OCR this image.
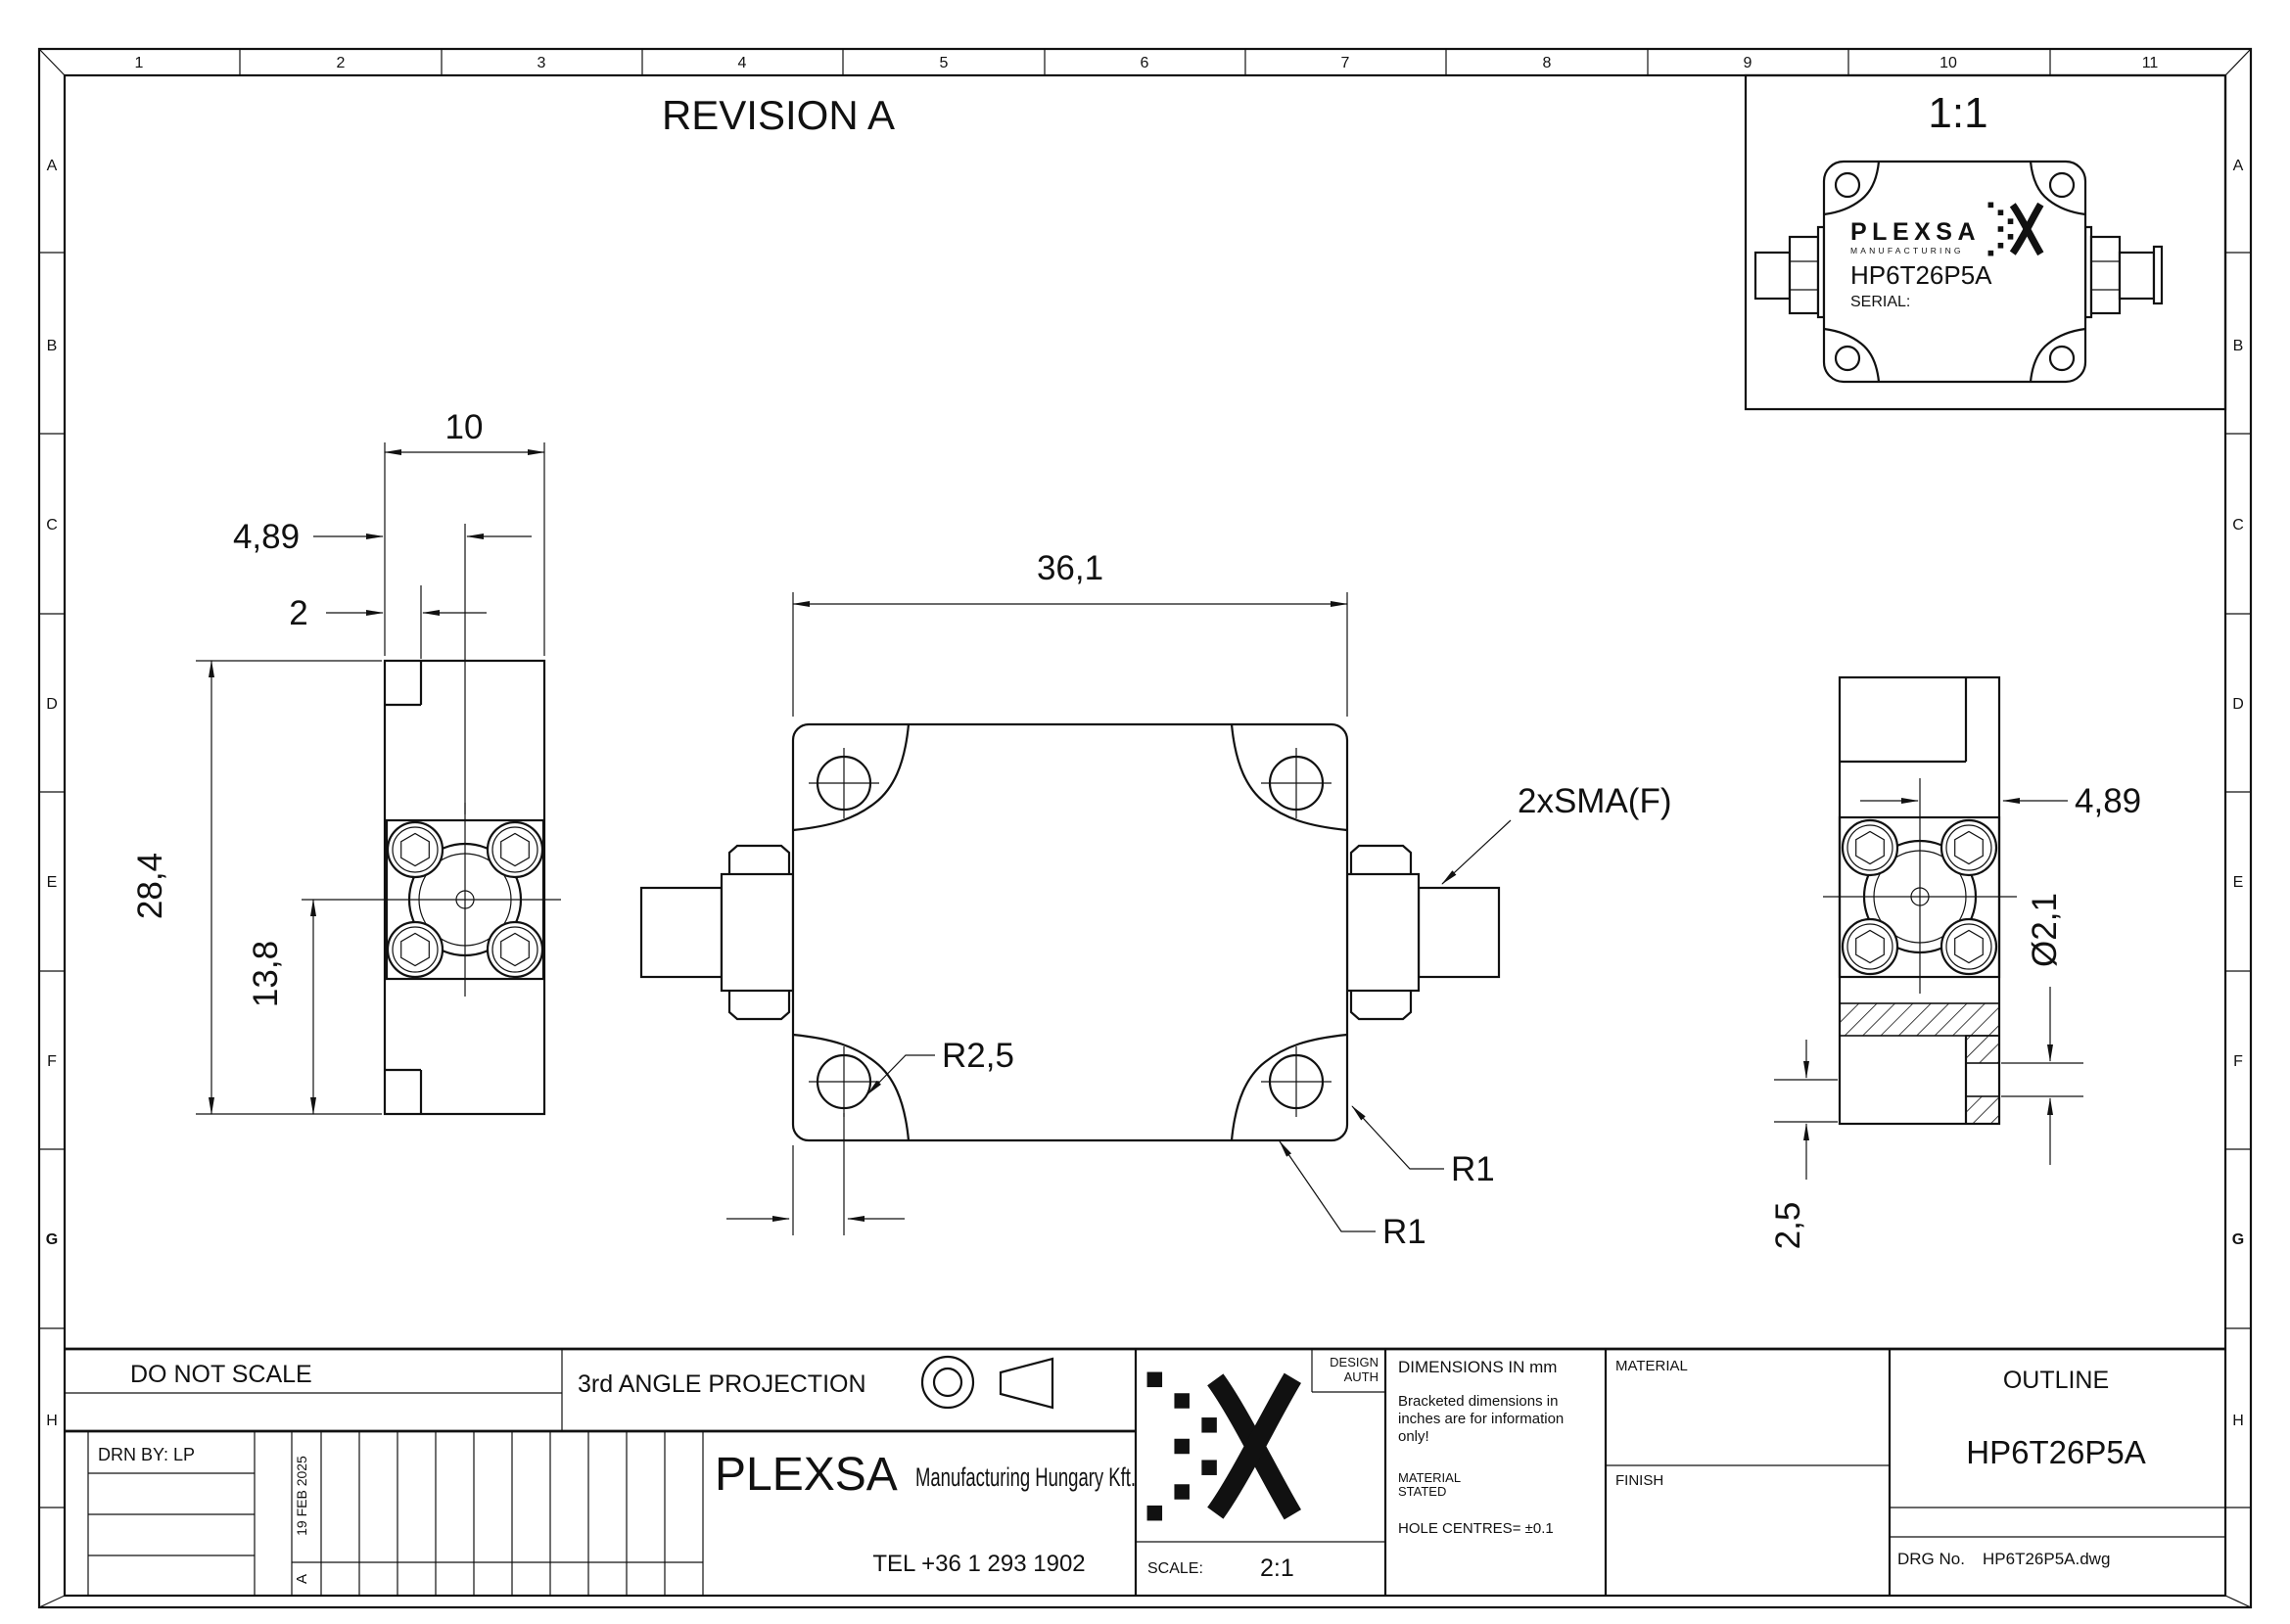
1	2	3	4	5	6	7	8	9	10	11
A
B
C
D
E
F
G
H
A
B
C
D
E
F
G
H
REVISION A	1:1
PLEXSA
MANUFACTURING
HP6T26P5A
SERIAL:
10
4,89
2
28,4
13,8
36,1
2xSMA(F)
R2,5
R1
R1
4,89
Ø2,1
2,5
DO NOT SCALE	3rd ANGLE PROJECTION
DRN BY: LP
19 FEB 2025
A
PLEXSA Manufacturing Hungary Kft.
TEL +36 1 293 1902	SCALE: 2:1
DESIGN
AUTH
DIMENSIONS IN mm
Bracketed dimensions in
inches are for information
only!
MATERIAL
STATED
HOLE CENTRES= ±0.1
MATERIAL
FINISH
OUTLINE
HP6T26P5A
DRG No. HP6T26P5A.dwg
